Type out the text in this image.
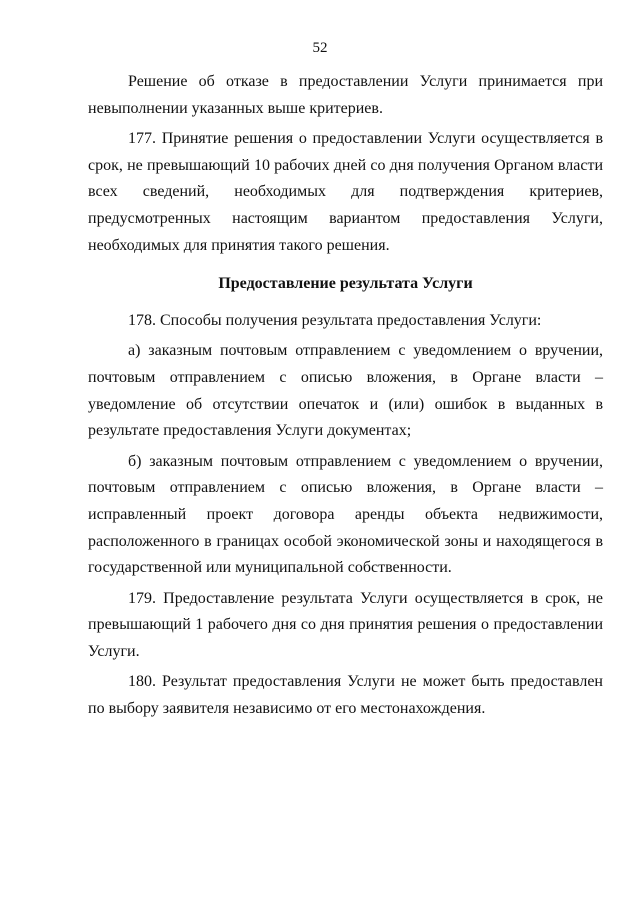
52

Решение об отказе в предоставлении Услуги принимается при невыполнении указанных выше критериев.

177. Принятие решения о предоставлении Услуги осуществляется в срок, не превышающий 10 рабочих дней со дня получения Органом власти всех сведений, необходимых для подтверждения критериев, предусмотренных настоящим вариантом предоставления Услуги, необходимых для принятия такого решения.

Предоставление результата Услуги

178. Способы получения результата предоставления Услуги:

а) заказным почтовым отправлением с уведомлением о вручении, почтовым отправлением с описью вложения, в Органе власти – уведомление об отсутствии опечаток и (или) ошибок в выданных в результате предоставления Услуги документах;

б) заказным почтовым отправлением с уведомлением о вручении, почтовым отправлением с описью вложения, в Органе власти – исправленный проект договора аренды объекта недвижимости, расположенного в границах особой экономической зоны и находящегося в государственной или муниципальной собственности.

179. Предоставление результата Услуги осуществляется в срок, не превышающий 1 рабочего дня со дня принятия решения о предоставлении Услуги.

180. Результат предоставления Услуги не может быть предоставлен по выбору заявителя независимо от его местонахождения.
